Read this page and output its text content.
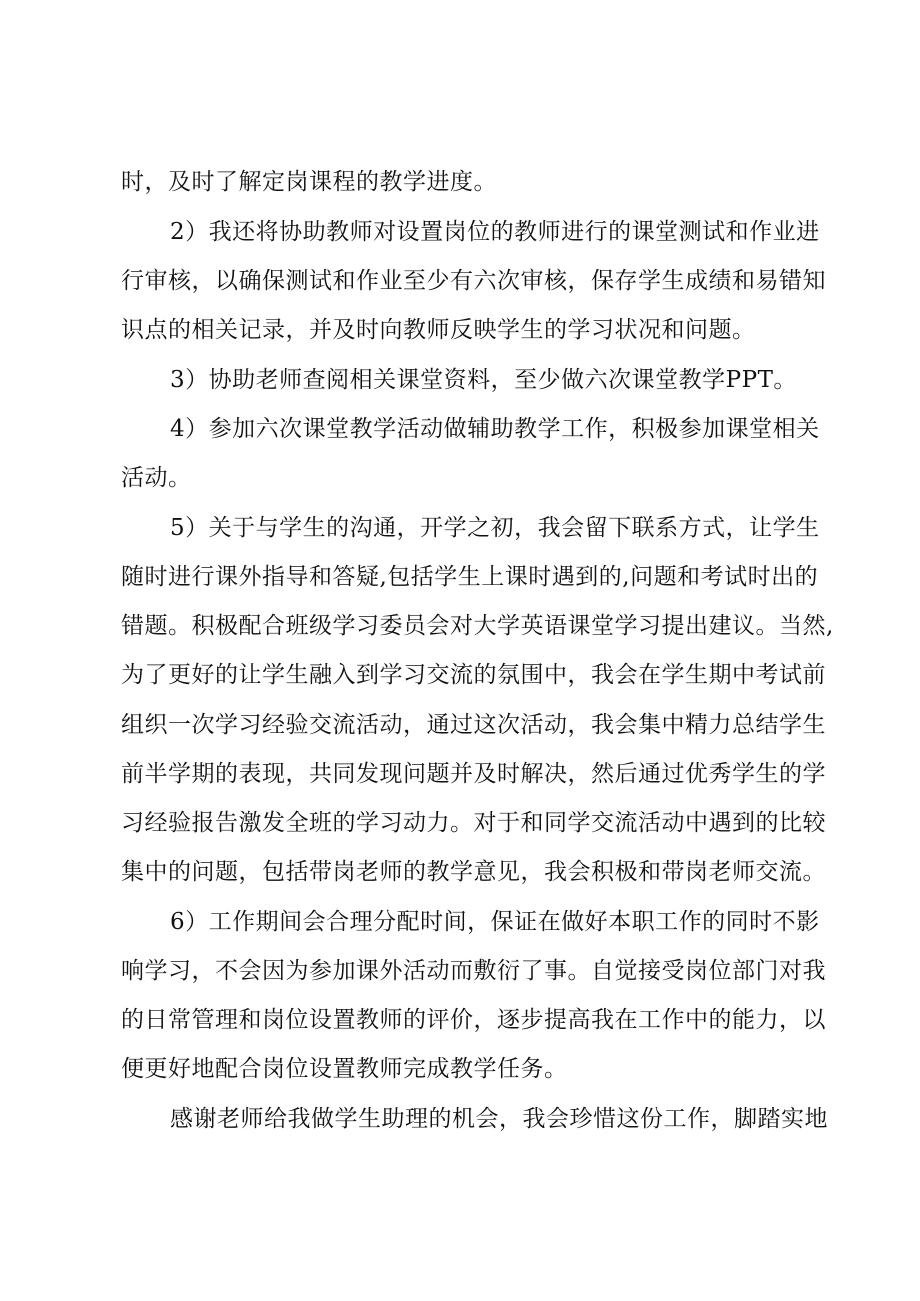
时，及时了解定岗课程的教学进度。
2）我还将协助教师对设置岗位的教师进行的课堂测试和作业进
行审核，以确保测试和作业至少有六次审核，保存学生成绩和易错知
识点的相关记录，并及时向教师反映学生的学习状况和问题。
3）协助老师查阅相关课堂资料，至少做六次课堂教学PPT。
4）参加六次课堂教学活动做辅助教学工作，积极参加课堂相关
活动。
5）关于与学生的沟通，开学之初，我会留下联系方式，让学生
随时进行课外指导和答疑,包括学生上课时遇到的,问题和考试时出的
错题。积极配合班级学习委员会对大学英语课堂学习提出建议。当然,
为了更好的让学生融入到学习交流的氛围中，我会在学生期中考试前
组织一次学习经验交流活动，通过这次活动，我会集中精力总结学生
前半学期的表现，共同发现问题并及时解决，然后通过优秀学生的学
习经验报告激发全班的学习动力。对于和同学交流活动中遇到的比较
集中的问题，包括带岗老师的教学意见，我会积极和带岗老师交流。
6）工作期间会合理分配时间，保证在做好本职工作的同时不影
响学习，不会因为参加课外活动而敷衍了事。自觉接受岗位部门对我
的日常管理和岗位设置教师的评价，逐步提高我在工作中的能力，以
便更好地配合岗位设置教师完成教学任务。
感谢老师给我做学生助理的机会，我会珍惜这份工作，脚踏实地
